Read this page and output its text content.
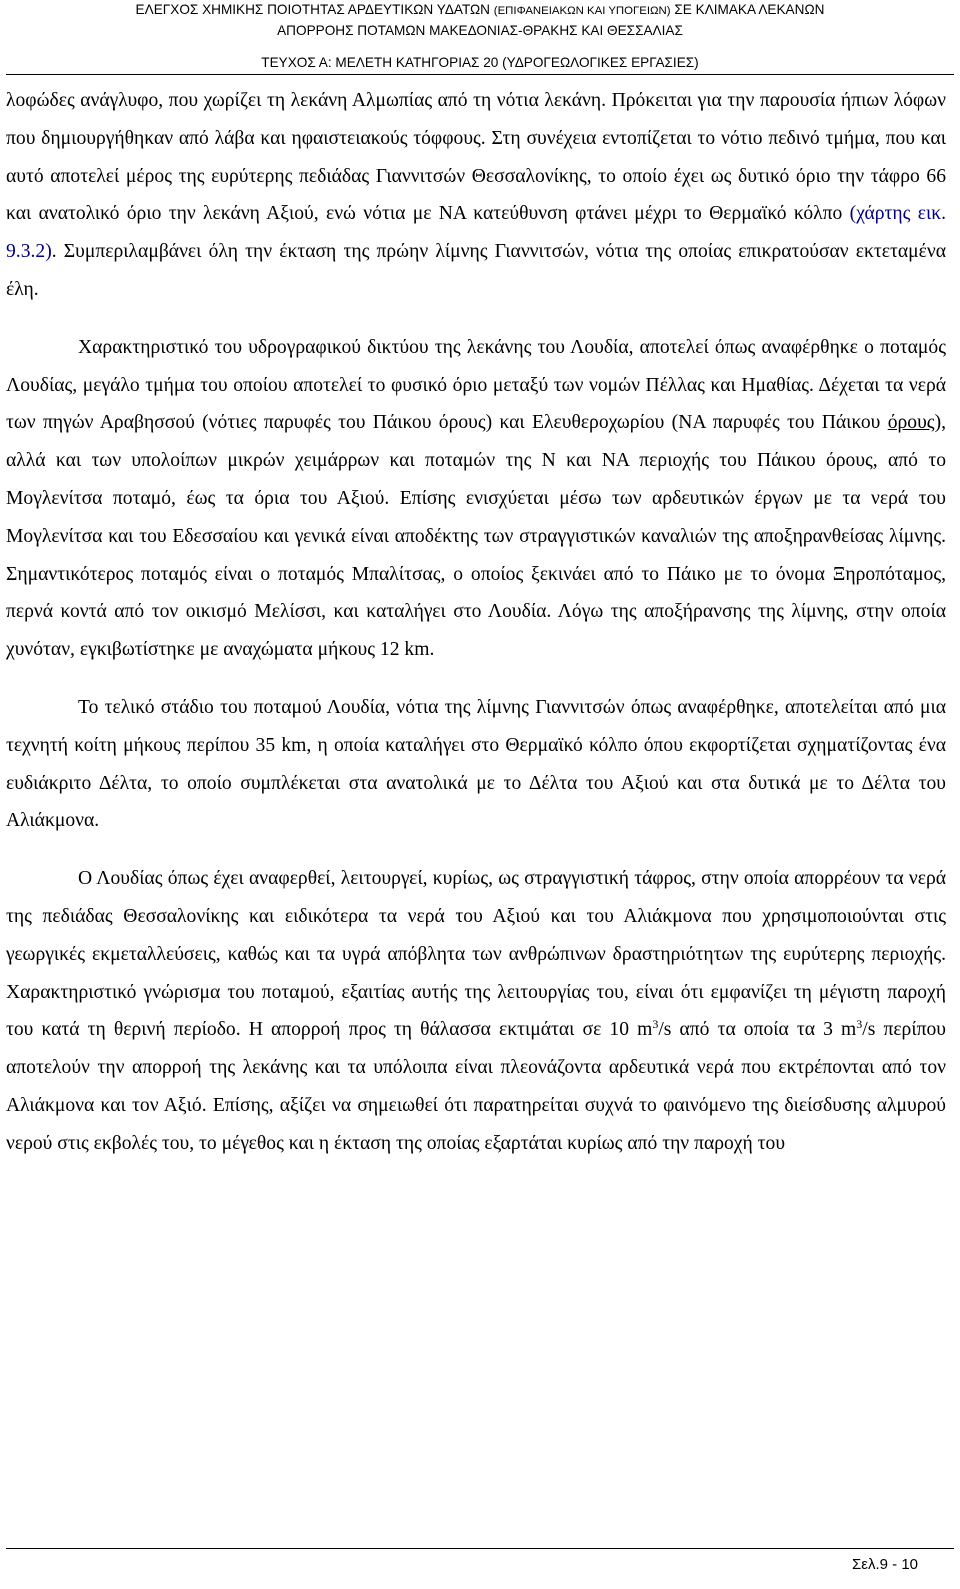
ΕΛΕΓΧΟΣ ΧΗΜΙΚΗΣ ΠΟΙΟΤΗΤΑΣ ΑΡΔΕΥΤΙΚΩΝ ΥΔΑΤΩΝ (ΕΠΙΦΑΝΕΙΑΚΩΝ ΚΑΙ ΥΠΟΓΕΙΩΝ) ΣΕ ΚΛΙΜΑΚΑ ΛΕΚΑΝΩΝ
ΑΠΟΡΡΟΗΣ ΠΟΤΑΜΩΝ ΜΑΚΕΔΟΝΙΑΣ-ΘΡΑΚΗΣ ΚΑΙ ΘΕΣΣΑΛΙΑΣ
ΤΕΥΧΟΣ Α: ΜΕΛΕΤΗ ΚΑΤΗΓΟΡΙΑΣ 20 (ΥΔΡΟΓΕΩΛΟΓΙΚΕΣ ΕΡΓΑΣΙΕΣ)

λοφώδες ανάγλυφο, που χωρίζει τη λεκάνη Αλμωπίας από τη νότια λεκάνη. Πρόκειται για την παρουσία ήπιων λόφων που δημιουργήθηκαν από λάβα και ηφαιστειακούς τόφφους. Στη συνέχεια εντοπίζεται το νότιο πεδινό τμήμα, που και αυτό αποτελεί μέρος της ευρύτερης πεδιάδας Γιαννιτσών Θεσσαλονίκης, το οποίο έχει ως δυτικό όριο την τάφρο 66 και ανατολικό όριο την λεκάνη Αξιού, ενώ νότια με ΝΑ κατεύθυνση φτάνει μέχρι το Θερμαϊκό κόλπο (χάρτης εικ. 9.3.2). Συμπεριλαμβάνει όλη την έκταση της πρώην λίμνης Γιαννιτσών, νότια της οποίας επικρατούσαν εκτεταμένα έλη.

Χαρακτηριστικό του υδρογραφικού δικτύου της λεκάνης του Λουδία, αποτελεί όπως αναφέρθηκε ο ποταμός Λουδίας, μεγάλο τμήμα του οποίου αποτελεί το φυσικό όριο μεταξύ των νομών Πέλλας και Ημαθίας. Δέχεται τα νερά των πηγών Αραβησσού (νότιες παρυφές του Πάικου όρους) και Ελευθεροχωρίου (ΝΑ παρυφές του Πάικου όρους), αλλά και των υπολοίπων μικρών χειμάρρων και ποταμών της Ν και ΝΑ περιοχής του Πάικου όρους, από το Μογλενίτσα ποταμό, έως τα όρια του Αξιού. Επίσης ενισχύεται μέσω των αρδευτικών έργων με τα νερά του Μογλενίτσα και του Εδεσσαίου και γενικά είναι αποδέκτης των στραγγιστικών καναλιών της αποξηρανθείσας λίμνης. Σημαντικότερος ποταμός είναι ο ποταμός Μπαλίτσας, ο οποίος ξεκινάει από το Πάικο με το όνομα Ξηροπόταμος, περνά κοντά από τον οικισμό Μελίσσι, και καταλήγει στο Λουδία. Λόγω της αποξήρανσης της λίμνης, στην οποία χυνόταν, εγκιβωτίστηκε με αναχώματα μήκους 12 km.

Το τελικό στάδιο του ποταμού Λουδία, νότια της λίμνης Γιαννιτσών όπως αναφέρθηκε, αποτελείται από μια τεχνητή κοίτη μήκους περίπου 35 km, η οποία καταλήγει στο Θερμαϊκό κόλπο όπου εκφορτίζεται σχηματίζοντας ένα ευδιάκριτο Δέλτα, το οποίο συμπλέκεται στα ανατολικά με το Δέλτα του Αξιού και στα δυτικά με το Δέλτα του Αλιάκμονα.

Ο Λουδίας όπως έχει αναφερθεί, λειτουργεί, κυρίως, ως στραγγιστική τάφρος, στην οποία απορρέουν τα νερά της πεδιάδας Θεσσαλονίκης και ειδικότερα τα νερά του Αξιού και του Αλιάκμονα που χρησιμοποιούνται στις γεωργικές εκμεταλλεύσεις, καθώς και τα υγρά απόβλητα των ανθρώπινων δραστηριότητων της ευρύτερης περιοχής. Χαρακτηριστικό γνώρισμα του ποταμού, εξαιτίας αυτής της λειτουργίας του, είναι ότι εμφανίζει τη μέγιστη παροχή του κατά τη θερινή περίοδο. Η απορροή προς τη θάλασσα εκτιμάται σε 10 $m^3/s$ από τα οποία τα 3 $m^3/s$ περίπου αποτελούν την απορροή της λεκάνης και τα υπόλοιπα είναι πλεονάζοντα αρδευτικά νερά που εκτρέπονται από τον Αλιάκμονα και τον Αξιό. Επίσης, αξίζει να σημειωθεί ότι παρατηρείται συχνά το φαινόμενο της διείσδυσης αλμυρού νερού στις εκβολές του, το μέγεθος και η έκταση της οποίας εξαρτάται κυρίως από την παροχή του

Σελ.9 - 10
